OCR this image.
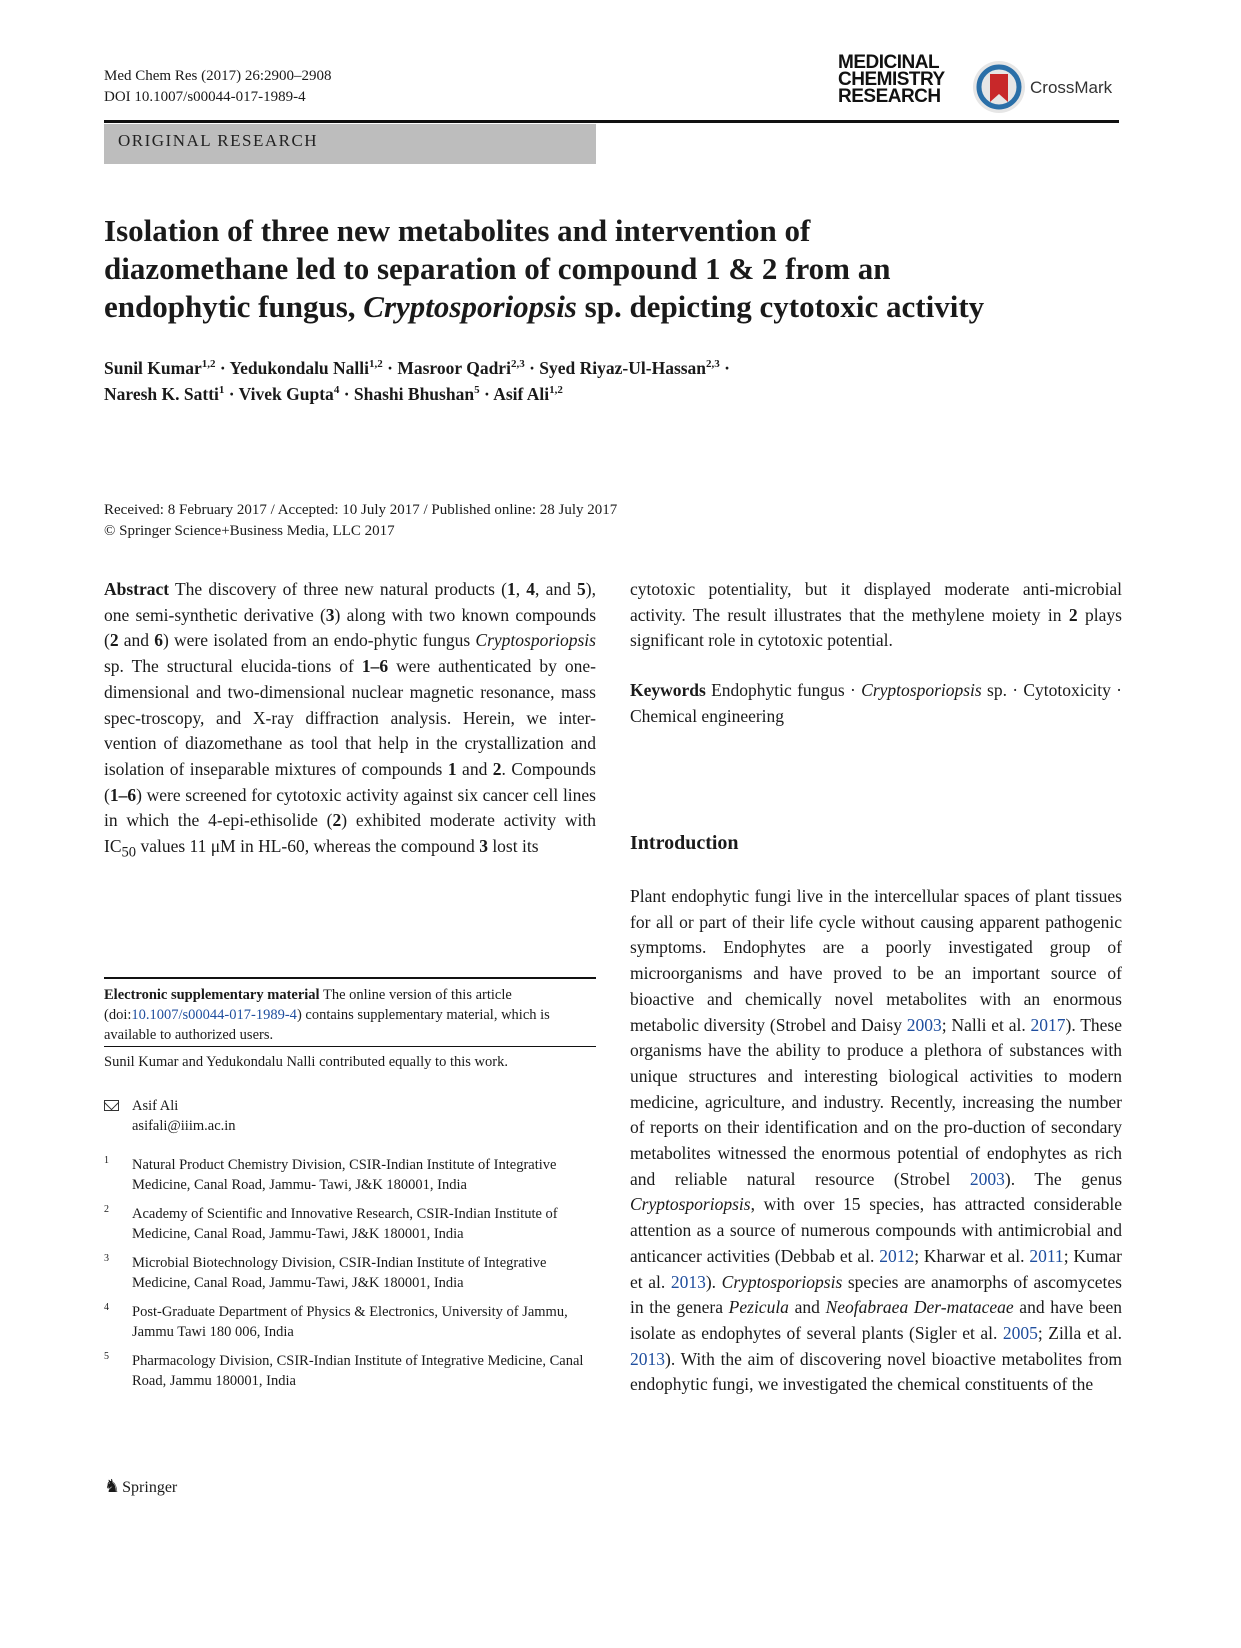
Med Chem Res (2017) 26:2900–2908
DOI 10.1007/s00044-017-1989-4
MEDICINAL
CHEMISTRY
RESEARCH	CrossMark
ORIGINAL RESEARCH
Isolation of three new metabolites and intervention of
diazomethane led to separation of compound 1 & 2 from an
endophytic fungus, Cryptosporiopsis sp. depicting cytotoxic activity
Sunil Kumar$^{1,2}$ · Yedukondalu Nalli$^{1,2}$ · Masroor Qadri$^{2,3}$ · Syed Riyaz-Ul-Hassan$^{2,3}$ ·
Naresh K. Satti$^1$ · Vivek Gupta$^4$ · Shashi Bhushan$^5$ · Asif Ali$^{1,2}$
Received: 8 February 2017 / Accepted: 10 July 2017 / Published online: 28 July 2017
© Springer Science+Business Media, LLC 2017

Abstract The discovery of three new natural products (1, 4, and 5), one semi-synthetic derivative (3) along with two known compounds (2 and 6) were isolated from an endo-phytic fungus Cryptosporiopsis sp. The structural elucida-tions of 1–6 were authenticated by one-dimensional and two-dimensional nuclear magnetic resonance, mass spec-troscopy, and X-ray diffraction analysis. Herein, we inter-vention of diazomethane as tool that help in the crystallization and isolation of inseparable mixtures of compounds 1 and 2. Compounds (1–6) were screened for cytotoxic activity against six cancer cell lines in which the 4-epi-ethisolide (2) exhibited moderate activity with $IC_{50}$ values 11 μM in HL-60, whereas the compound 3 lost its

cytotoxic potentiality, but it displayed moderate anti-microbial activity. The result illustrates that the methylene moiety in 2 plays significant role in cytotoxic potential.

Keywords Endophytic fungus · Cryptosporiopsis sp. · Cytotoxicity · Chemical engineering

Introduction

Plant endophytic fungi live in the intercellular spaces of plant tissues for all or part of their life cycle without causing apparent pathogenic symptoms. Endophytes are a poorly investigated group of microorganisms and have proved to be an important source of bioactive and chemically novel metabolites with an enormous metabolic diversity (Strobel and Daisy 2003; Nalli et al. 2017). These organisms have the ability to produce a plethora of substances with unique structures and interesting biological activities to modern medicine, agriculture, and industry. Recently, increasing the number of reports on their identification and on the pro-duction of secondary metabolites witnessed the enormous potential of endophytes as rich and reliable natural resource (Strobel 2003). The genus Cryptosporiopsis, with over 15 species, has attracted considerable attention as a source of numerous compounds with antimicrobial and anticancer activities (Debbab et al. 2012; Kharwar et al. 2011; Kumar et al. 2013). Cryptosporiopsis species are anamorphs of ascomycetes in the genera Pezicula and Neofabraea Der-mataceae and have been isolate as endophytes of several plants (Sigler et al. 2005; Zilla et al. 2013). With the aim of discovering novel bioactive metabolites from endophytic fungi, we investigated the chemical constituents of the

Electronic supplementary material The online version of this article (doi:10.1007/s00044-017-1989-4) contains supplementary material, which is available to authorized users.
Sunil Kumar and Yedukondalu Nalli contributed equally to this work.
Asif Ali
asifali@iiim.ac.in
1 Natural Product Chemistry Division, CSIR-Indian Institute of Integrative Medicine, Canal Road, Jammu- Tawi, J&K 180001, India
2 Academy of Scientific and Innovative Research, CSIR-Indian Institute of Medicine, Canal Road, Jammu-Tawi, J&K 180001, India
3 Microbial Biotechnology Division, CSIR-Indian Institute of Integrative Medicine, Canal Road, Jammu-Tawi, J&K 180001, India
4 Post-Graduate Department of Physics & Electronics, University of Jammu, Jammu Tawi 180 006, India
5 Pharmacology Division, CSIR-Indian Institute of Integrative Medicine, Canal Road, Jammu 180001, India
♞ Springer
